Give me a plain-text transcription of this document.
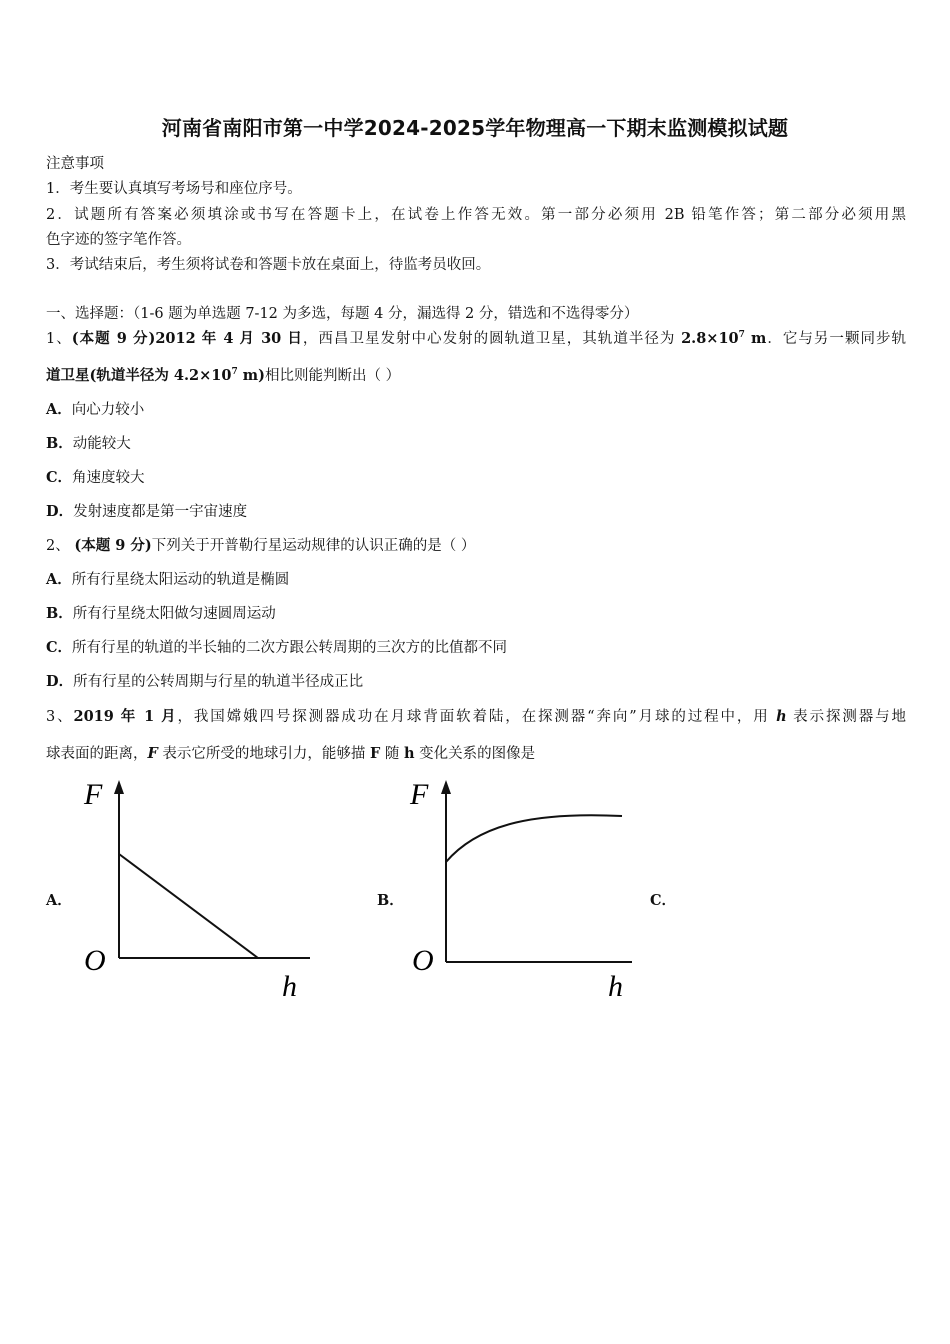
河南省南阳市第一中学2024-2025学年物理高一下期末监测模拟试题
注意事项
1．考生要认真填写考场号和座位序号。
2．试题所有答案必须填涂或书写在答题卡上，在试卷上作答无效。第一部分必须用 2B 铅笔作答；第二部分必须用黑
色字迹的签字笔作答。
3．考试结束后，考生须将试卷和答题卡放在桌面上，待监考员收回。
一、选择题：（1-6 题为单选题 7-12 为多选，每题 4 分，漏选得 2 分，错选和不选得零分）
1、(本题 9 分)2012 年 4 月 30 日，西昌卫星发射中心发射的圆轨道卫星，其轨道半径为 $2.8\times 10^7$ m．它与另一颗同步轨
道卫星(轨道半径为 $4.2\times 10^7$ m)相比则能判断出（ ）
A．向心力较小
B．动能较大
C．角速度较大
D．发射速度都是第一宇宙速度
2、 (本题 9 分)下列关于开普勒行星运动规律的认识正确的是（ ）
A．所有行星绕太阳运动的轨道是椭圆
B．所有行星绕太阳做匀速圆周运动
C．所有行星的轨道的半长轴的二次方跟公转周期的三次方的比值都不同
D．所有行星的公转周期与行星的轨道半径成正比
3、2019 年 1 月，我国嫦娥四号探测器成功在月球背面软着陆，在探测器“奔向”月球的过程中，用 h 表示探测器与地
球表面的距离，F 表示它所受的地球引力，能够描 F 随 h 变化关系的图像是
A．	B．	C．
F
O
h
F
O
h
